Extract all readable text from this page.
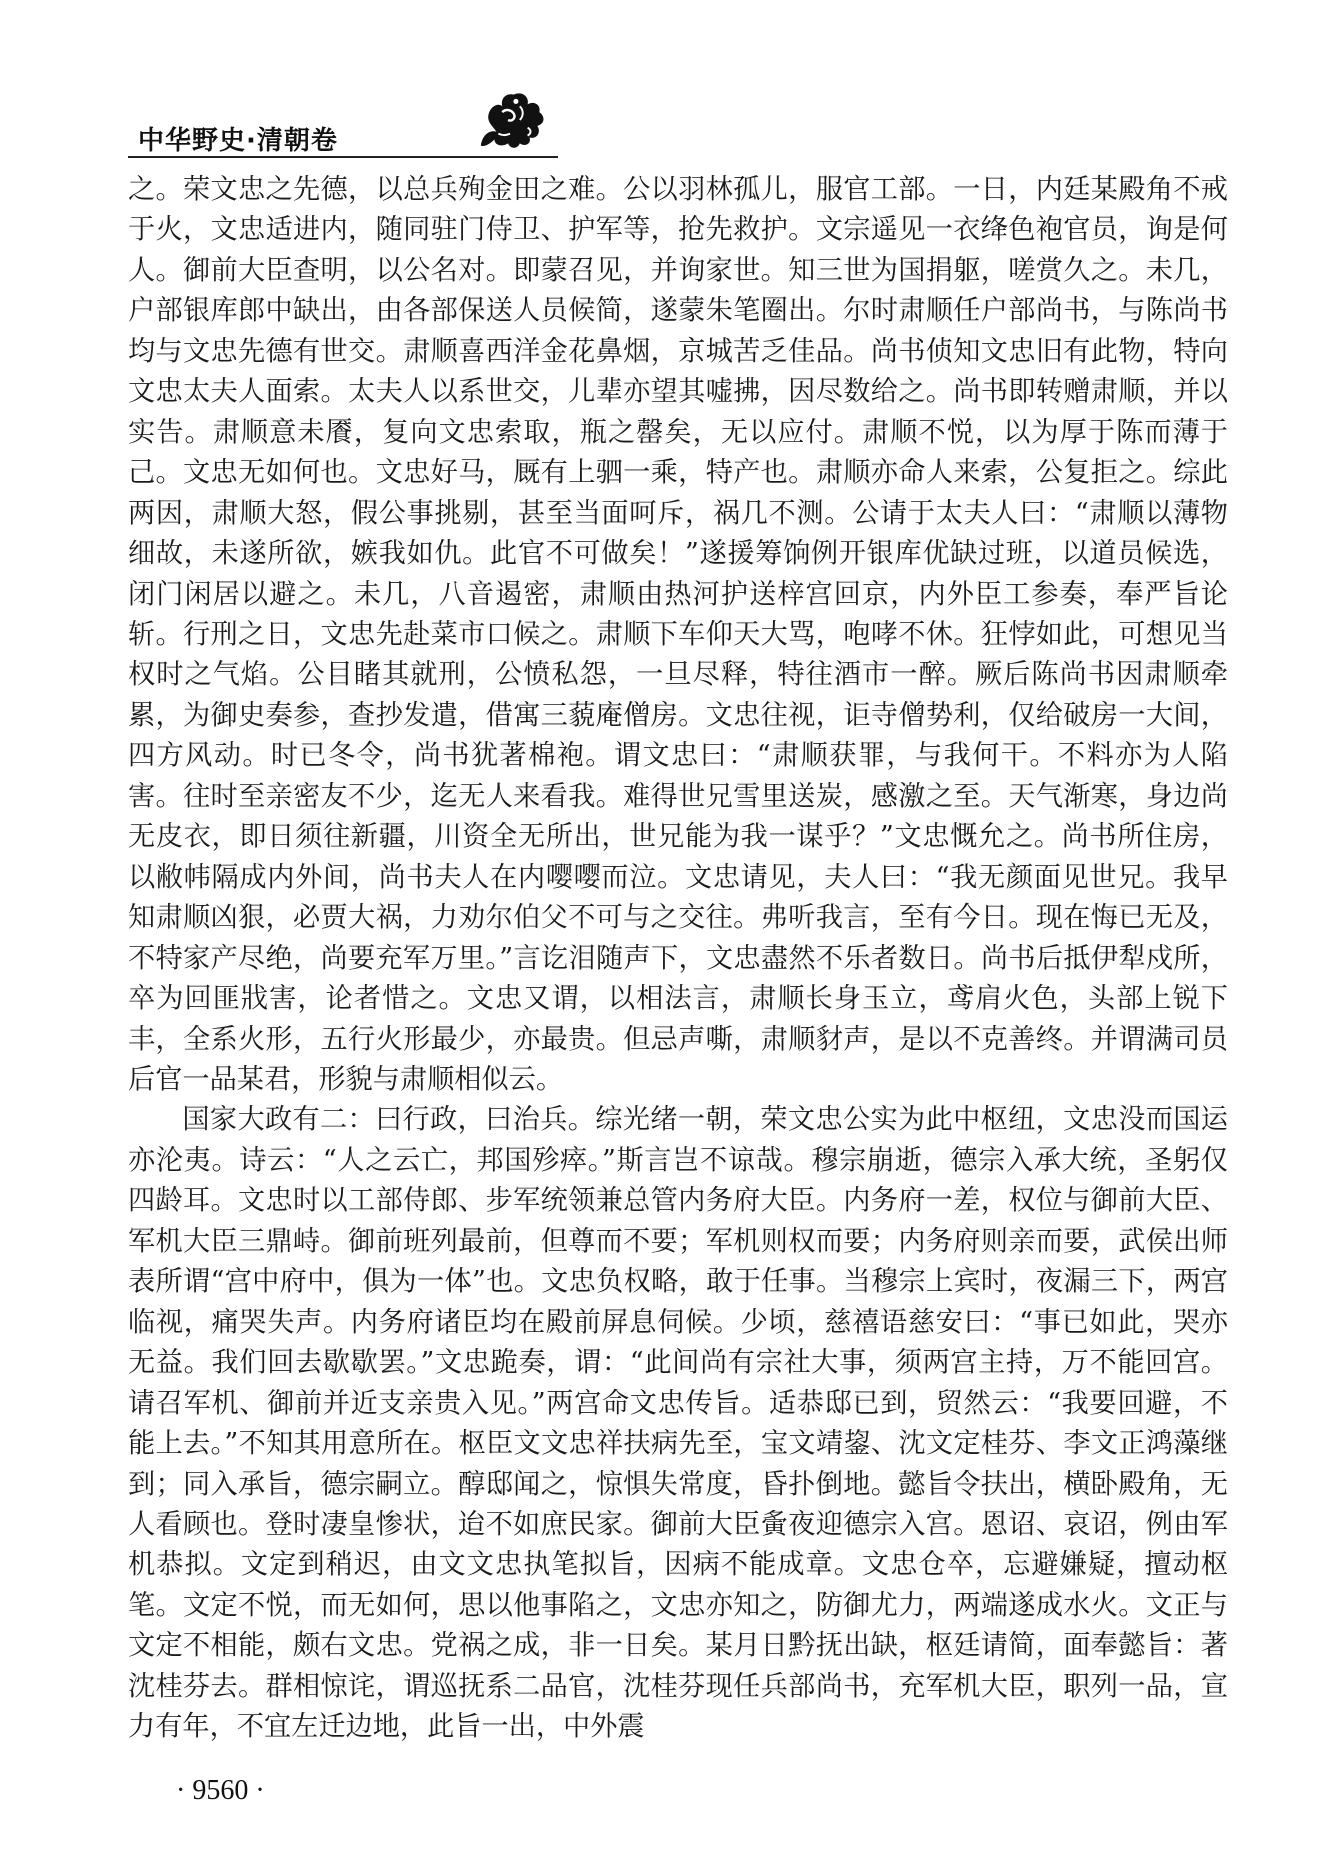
中华野史·清朝卷

之。荣文忠之先德，以总兵殉金田之难。公以羽林孤儿，服官工部。一日，内廷某殿角不戒于火，文忠适进内，随同驻门侍卫、护军等，抢先救护。文宗遥见一衣绛色袍官员，询是何人。御前大臣查明，以公名对。即蒙召见，并询家世。知三世为国捐躯，嗟赏久之。未几，户部银库郎中缺出，由各部保送人员候简，遂蒙朱笔圈出。尔时肃顺任户部尚书，与陈尚书均与文忠先德有世交。肃顺喜西洋金花鼻烟，京城苦乏佳品。尚书侦知文忠旧有此物，特向文忠太夫人面索。太夫人以系世交，儿辈亦望其嘘拂，因尽数给之。尚书即转赠肃顺，并以实告。肃顺意未餍，复向文忠索取，瓶之罄矣，无以应付。肃顺不悦，以为厚于陈而薄于己。文忠无如何也。文忠好马，厩有上驷一乘，特产也。肃顺亦命人来索，公复拒之。综此两因，肃顺大怒，假公事挑剔，甚至当面呵斥，祸几不测。公请于太夫人曰：“肃顺以薄物细故，未遂所欲，嫉我如仇。此官不可做矣！”遂援筹饷例开银库优缺过班，以道员候选，闭门闲居以避之。未几，八音遏密，肃顺由热河护送梓宫回京，内外臣工参奏，奉严旨论斩。行刑之日，文忠先赴菜市口候之。肃顺下车仰天大骂，咆哮不休。狂悖如此，可想见当权时之气焰。公目睹其就刑，公愤私怨，一旦尽释，特往酒市一醉。厥后陈尚书因肃顺牵累，为御史奏参，查抄发遣，借寓三藐庵僧房。文忠往视，讵寺僧势利，仅给破房一大间，四方风动。时已冬令，尚书犹著棉袍。谓文忠曰：“肃顺获罪，与我何干。不料亦为人陷害。往时至亲密友不少，迄无人来看我。难得世兄雪里送炭，感激之至。天气渐寒，身边尚无皮衣，即日须往新疆，川资全无所出，世兄能为我一谋乎？”文忠慨允之。尚书所住房，以敝帏隔成内外间，尚书夫人在内嘤嘤而泣。文忠请见，夫人曰：“我无颜面见世兄。我早知肃顺凶狠，必贾大祸，力劝尔伯父不可与之交往。弗听我言，至有今日。现在悔已无及，不特家产尽绝，尚要充军万里。”言讫泪随声下，文忠盡然不乐者数日。尚书后抵伊犁戍所，卒为回匪戕害，论者惜之。文忠又谓，以相法言，肃顺长身玉立，鸢肩火色，头部上锐下丰，全系火形，五行火形最少，亦最贵。但忌声嘶，肃顺豺声，是以不克善终。并谓满司员后官一品某君，形貌与肃顺相似云。

国家大政有二：曰行政，曰治兵。综光绪一朝，荣文忠公实为此中枢纽，文忠没而国运亦沦夷。诗云：“人之云亡，邦国殄瘁。”斯言岂不谅哉。穆宗崩逝，德宗入承大统，圣躬仅四龄耳。文忠时以工部侍郎、步军统领兼总管内务府大臣。内务府一差，权位与御前大臣、军机大臣三鼎峙。御前班列最前，但尊而不要；军机则权而要；内务府则亲而要，武侯出师表所谓“宫中府中，俱为一体”也。文忠负权略，敢于任事。当穆宗上宾时，夜漏三下，两宫临视，痛哭失声。内务府诸臣均在殿前屏息伺候。少顷，慈禧语慈安曰：“事已如此，哭亦无益。我们回去歇歇罢。”文忠跪奏，谓：“此间尚有宗社大事，须两宫主持，万不能回宫。请召军机、御前并近支亲贵入见。”两宫命文忠传旨。适恭邸已到，贸然云：“我要回避，不能上去。”不知其用意所在。枢臣文文忠祥扶病先至，宝文靖鋆、沈文定桂芬、李文正鸿藻继到；同入承旨，德宗嗣立。醇邸闻之，惊惧失常度，昏扑倒地。懿旨令扶出，横卧殿角，无人看顾也。登时凄皇惨状，迨不如庶民家。御前大臣夤夜迎德宗入宫。恩诏、哀诏，例由军机恭拟。文定到稍迟，由文文忠执笔拟旨，因病不能成章。文忠仓卒，忘避嫌疑，擅动枢笔。文定不悦，而无如何，思以他事陷之，文忠亦知之，防御尤力，两端遂成水火。文正与文定不相能，颇右文忠。党祸之成，非一日矣。某月日黔抚出缺，枢廷请简，面奉懿旨：著沈桂芬去。群相惊诧，谓巡抚系二品官，沈桂芬现任兵部尚书，充军机大臣，职列一品，宣力有年，不宜左迁边地，此旨一出，中外震

· 9560 ·
